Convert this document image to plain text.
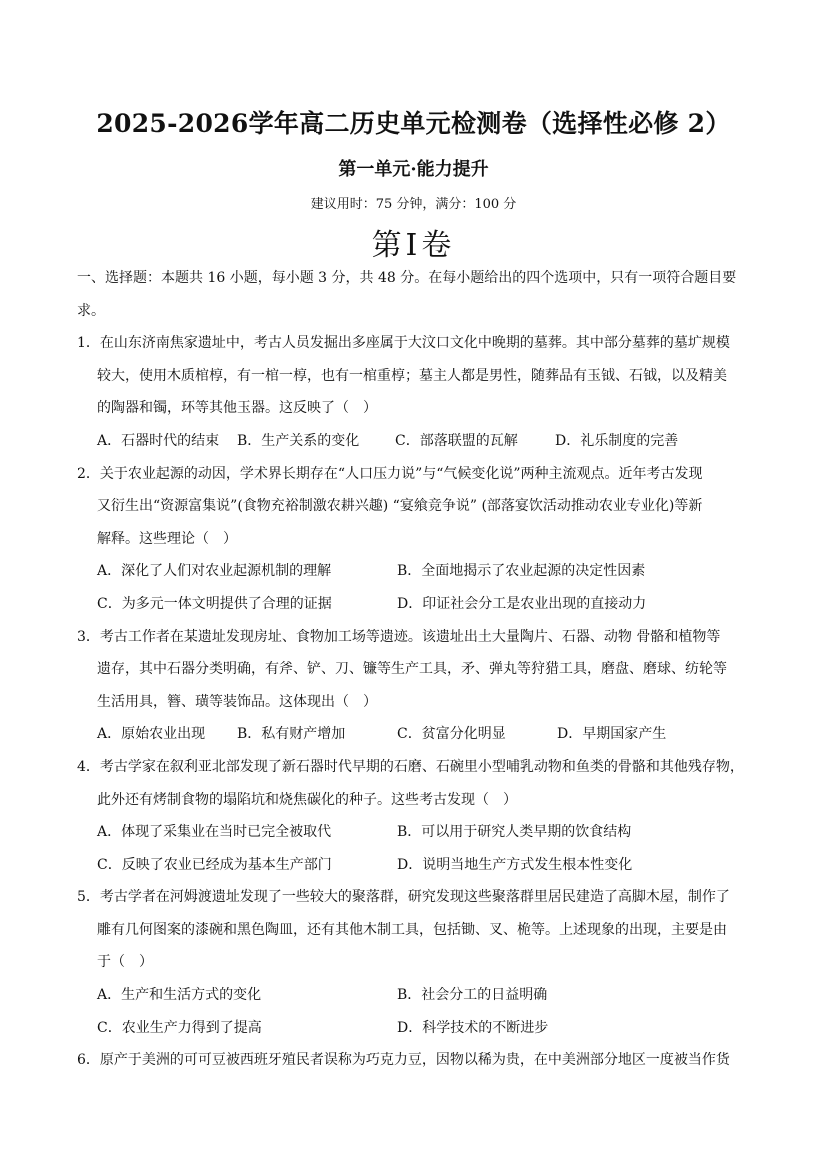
2025-2026学年高二历史单元检测卷（选择性必修 2）
第一单元·能力提升
建议用时：75 分钟，满分：100 分
第Ⅰ卷
一、选择题：本题共 16 小题，每小题 3 分，共 48 分。在每小题给出的四个选项中，只有一项符合题目要
求。
1．在山东济南焦家遗址中，考古人员发掘出多座属于大汶口文化中晚期的墓葬。其中部分墓葬的墓圹规模
较大，使用木质棺椁，有一棺一椁，也有一棺重椁；墓主人都是男性，随葬品有玉钺、石钺，以及精美
的陶器和镯，环等其他玉器。这反映了（　）
A．石器时代的结束	B．生产关系的变化	C．部落联盟的瓦解	D．礼乐制度的完善
2．关于农业起源的动因，学术界长期存在“人口压力说”与“气候变化说”两种主流观点。近年考古发现
又衍生出“资源富集说”(食物充裕制激农耕兴趣) “宴飨竞争说” (部落宴饮活动推动农业专业化)等新
解释。这些理论（　）
A．深化了人们对农业起源机制的理解	B．全面地揭示了农业起源的决定性因素
C．为多元一体文明提供了合理的证据	D．印证社会分工是农业出现的直接动力
3．考古工作者在某遗址发现房址、食物加工场等遗迹。该遗址出土大量陶片、石器、动物 骨骼和植物等
遗存，其中石器分类明确，有斧、铲、刀、镰等生产工具，矛、弹丸等狩猎工具，磨盘、磨球、纺轮等
生活用具，簪、璜等装饰品。这体现出（　）
A．原始农业出现	B．私有财产增加	C．贫富分化明显	D．早期国家产生
4．考古学家在叙利亚北部发现了新石器时代早期的石磨、石碗里小型哺乳动物和鱼类的骨骼和其他残存物，
此外还有烤制食物的塌陷坑和烧焦碳化的种子。这些考古发现（　）
A．体现了采集业在当时已完全被取代	B．可以用于研究人类早期的饮食结构
C．反映了农业已经成为基本生产部门	D．说明当地生产方式发生根本性变化
5．考古学者在河姆渡遗址发现了一些较大的聚落群，研究发现这些聚落群里居民建造了高脚木屋，制作了
雕有几何图案的漆碗和黑色陶皿，还有其他木制工具，包括锄、叉、桅等。上述现象的出现，主要是由
于（　）
A．生产和生活方式的变化	B．社会分工的日益明确
C．农业生产力得到了提高	D．科学技术的不断进步
6．原产于美洲的可可豆被西班牙殖民者误称为巧克力豆，因物以稀为贵，在中美洲部分地区一度被当作货
